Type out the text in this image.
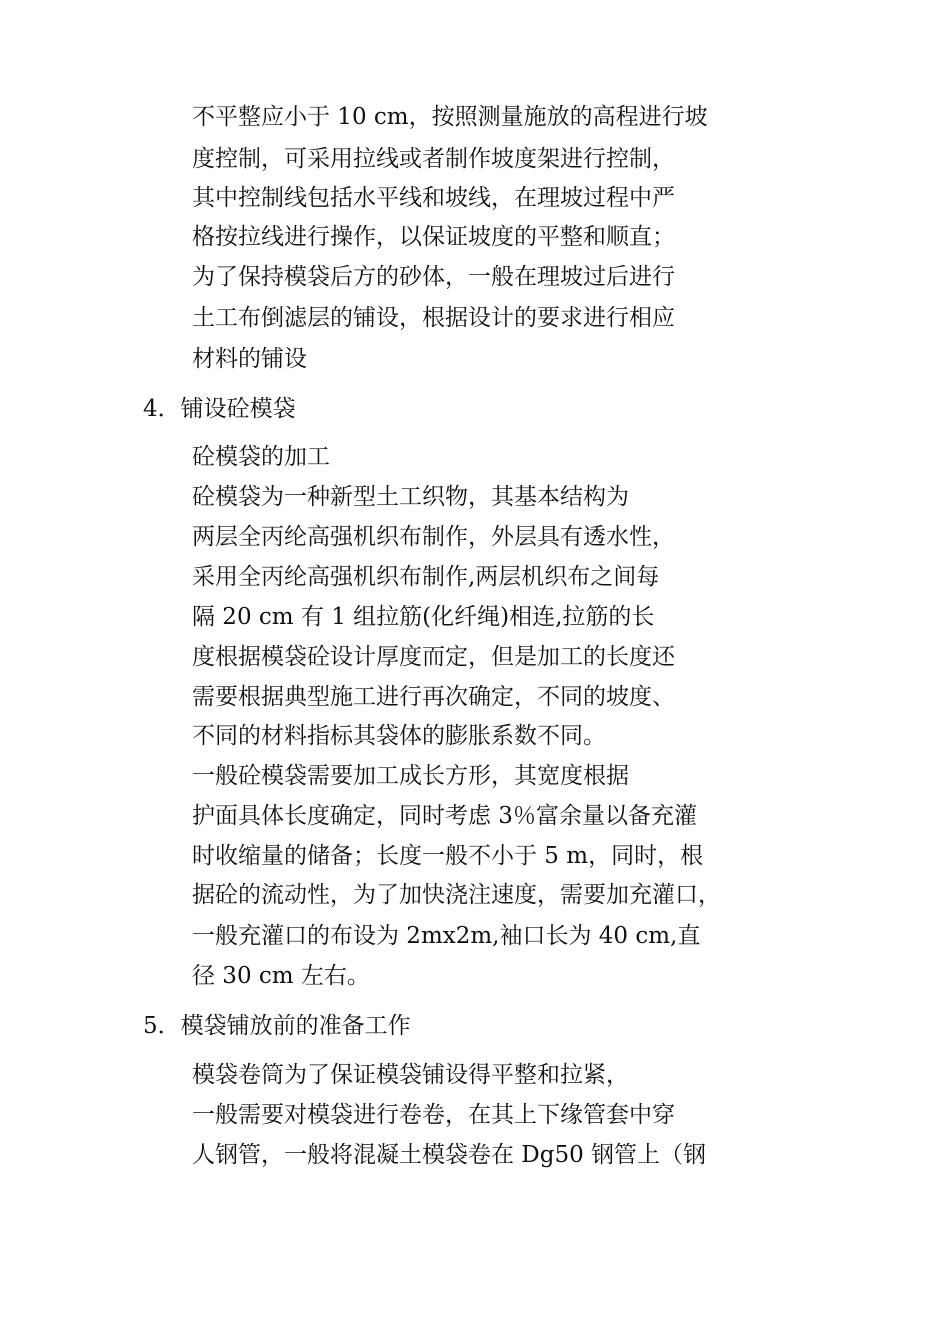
不平整应小于 10 cm，按照测量施放的高程进行坡
度控制，可采用拉线或者制作坡度架进行控制，
其中控制线包括水平线和坡线，在理坡过程中严
格按拉线进行操作，以保证坡度的平整和顺直；
为了保持模袋后方的砂体，一般在理坡过后进行
土工布倒滤层的铺设，根据设计的要求进行相应
材料的铺设
4．铺设砼模袋
砼模袋的加工
砼模袋为一种新型土工织物，其基本结构为
两层全丙纶高强机织布制作，外层具有透水性，
采用全丙纶高强机织布制作,两层机织布之间每
隔 20 cm 有 1 组拉筋(化纤绳)相连,拉筋的长
度根据模袋砼设计厚度而定，但是加工的长度还
需要根据典型施工进行再次确定，不同的坡度、
不同的材料指标其袋体的膨胀系数不同。
一般砼模袋需要加工成长方形，其宽度根据
护面具体长度确定，同时考虑 3％富余量以备充灌
时收缩量的储备；长度一般不小于 5 m，同时，根
据砼的流动性，为了加快浇注速度，需要加充灌口，
一般充灌口的布设为 2mx2m,袖口长为 40 cm,直
径 30 cm 左右。
5．模袋铺放前的准备工作
模袋卷筒为了保证模袋铺设得平整和拉紧，
一般需要对模袋进行卷卷，在其上下缘管套中穿
人钢管，一般将混凝土模袋卷在 Dg50 钢管上（钢
